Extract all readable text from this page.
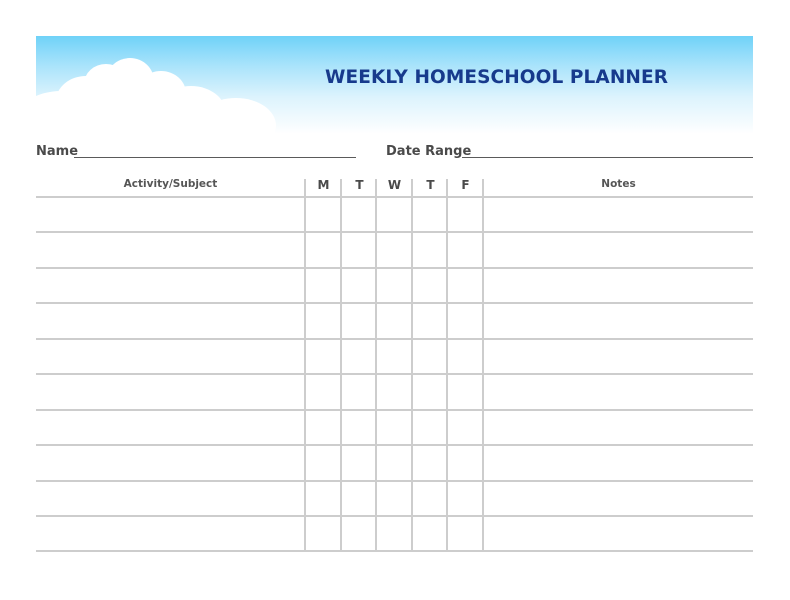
WEEKLY HOMESCHOOL PLANNER
Name	Date Range
Activity/Subject	M	T	W	T	F	Notes
